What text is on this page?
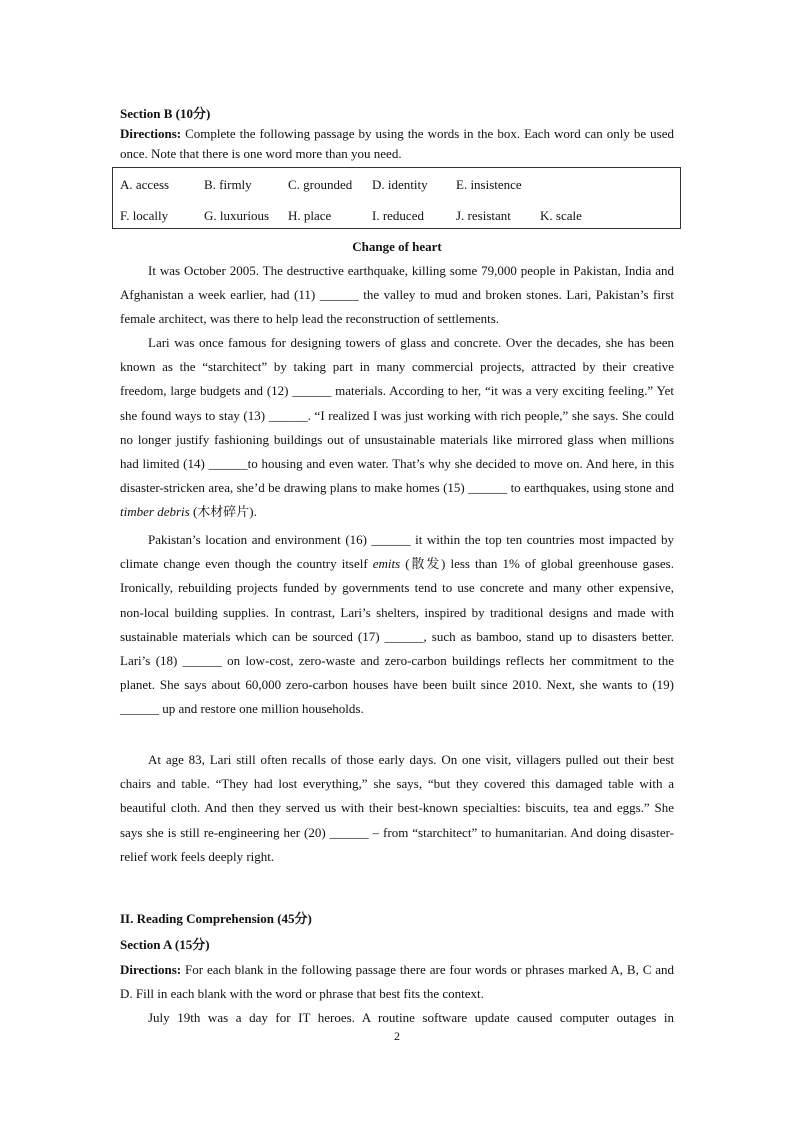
Section B (10分)
Directions: Complete the following passage by using the words in the box. Each word can only be used once. Note that there is one word more than you need.
A. access	B. firmly	C. grounded D. identity E. insistence
F. locally	G. luxurious H. place	I. reduced J. resistant K. scale
Change of heart
It was October 2005. The destructive earthquake, killing some 79,000 people in Pakistan, India and Afghanistan a week earlier, had (11) ______ the valley to mud and broken stones. Lari, Pakistan’s first female architect, was there to help lead the reconstruction of settlements.
Lari was once famous for designing towers of glass and concrete. Over the decades, she has been known as the “starchitect” by taking part in many commercial projects, attracted by their creative freedom, large budgets and (12) ______ materials. According to her, “it was a very exciting feeling.” Yet she found ways to stay (13) ______. “I realized I was just working with rich people,” she says. She could no longer justify fashioning buildings out of unsustainable materials like mirrored glass when millions had limited (14) ______to housing and even water. That’s why she decided to move on. And here, in this disaster-stricken area, she’d be drawing plans to make homes (15) ______ to earthquakes, using stone and timber debris (木材碎片).
Pakistan’s location and environment (16) ______ it within the top ten countries most impacted by climate change even though the country itself emits (散发) less than 1% of global greenhouse gases. Ironically, rebuilding projects funded by governments tend to use concrete and many other expensive, non-local building supplies. In contrast, Lari’s shelters, inspired by traditional designs and made with sustainable materials which can be sourced (17) ______, such as bamboo, stand up to disasters better. Lari’s (18) ______ on low-cost, zero-waste and zero-carbon buildings reflects her commitment to the planet. She says about 60,000 zero-carbon houses have been built since 2010. Next, she wants to (19) ______ up and restore one million households.
At age 83, Lari still often recalls of those early days. On one visit, villagers pulled out their best chairs and table. “They had lost everything,” she says, “but they covered this damaged table with a beautiful cloth. And then they served us with their best-known specialties: biscuits, tea and eggs.” She says she is still re-engineering her (20) ______ – from “starchitect” to humanitarian. And doing disaster-relief work feels deeply right.
II. Reading Comprehension (45分)
Section A (15分)
Directions: For each blank in the following passage there are four words or phrases marked A, B, C and D. Fill in each blank with the word or phrase that best fits the context.
July 19th was a day for IT heroes. A routine software update caused computer outages in
2
